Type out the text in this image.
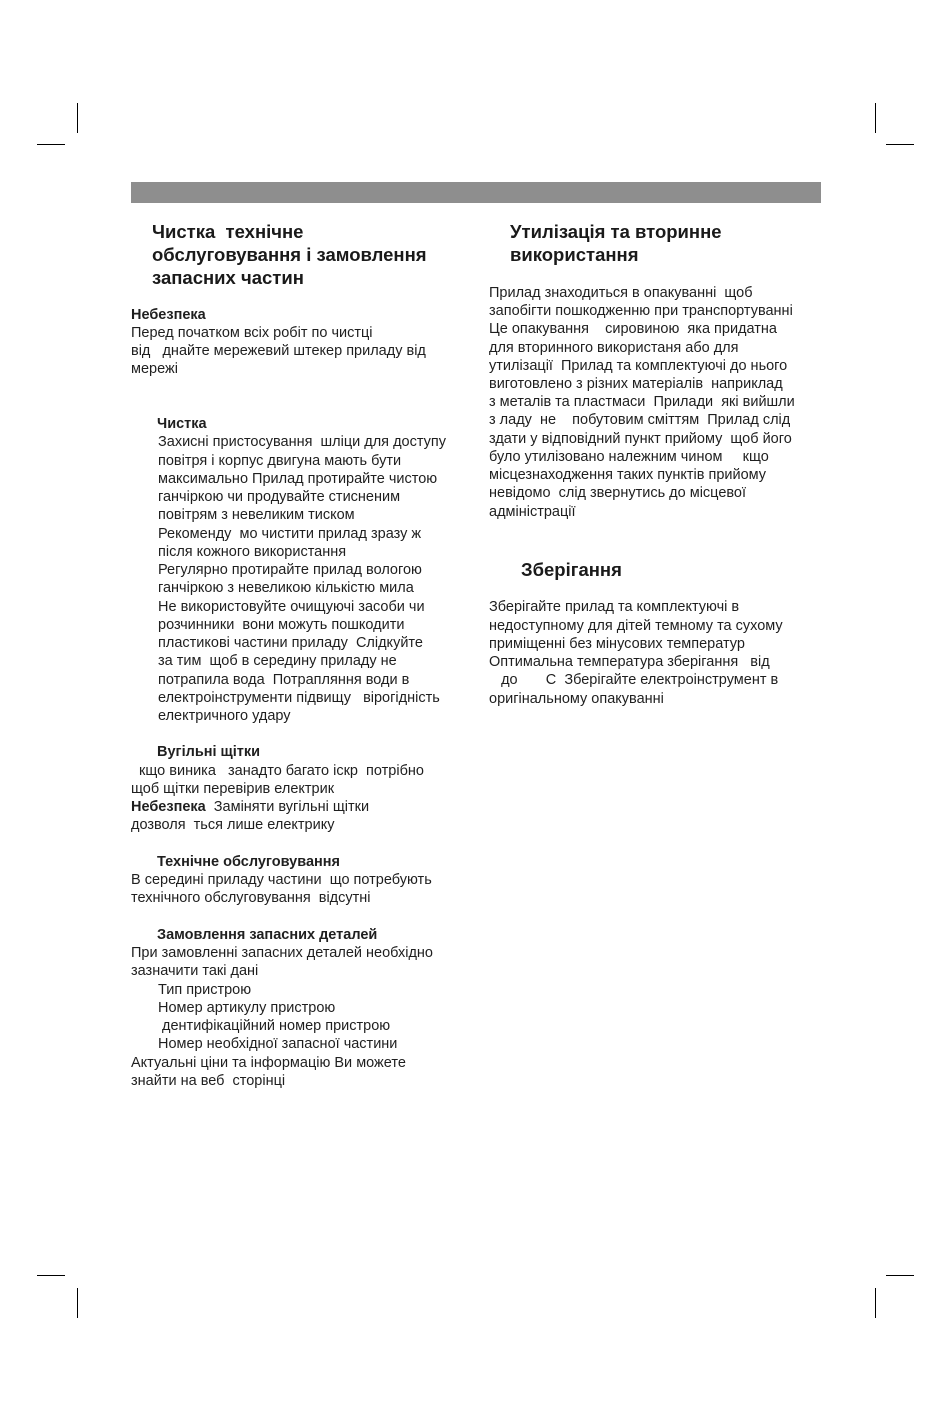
Чистка  технічне
обслуговування і замовлення
запасних частин
Небезпека
Перед початком всіх робіт по чистці
від   днайте мережевий штекер приладу від
мережі
Чистка
Захисні пристосування  шліци для доступу
повітря і корпус двигуна мають бути
максимально Прилад протирайте чистою
ганчіркою чи продувайте стисненим
повітрям з невеликим тиском
Рекоменду  мо чистити прилад зразу ж
після кожного використання
Регулярно протирайте прилад вологою
ганчіркою з невеликою кількістю мила
Не використовуйте очищуючі засоби чи
розчинники  вони можуть пошкодити
пластикові частини приладу  Слідкуйте
за тим  щоб в середину приладу не
потрапила вода  Потрапляння води в
електроінструменти підвищу   вірогідність
електричного удару
Вугільні щітки
кщо виника   занадто багато іскр  потрібно
щоб щітки перевірив електрик
Небезпека  Заміняти вугільні щітки
дозволя  ться лише електрику
Технічне обслуговування
В середині приладу частини  що потребують
технічного обслуговування  відсутні
Замовлення запасних деталей
При замовленні запасних деталей необхідно
зазначити такі дані
Тип пристрою
Номер артикулу пристрою
дентифікаційний номер пристрою
Номер необхідної запасної частини
Актуальні ціни та інформацію Ви можете
знайти на веб  сторінці
Утилізація та вторинне
використання
Прилад знаходиться в опакуванні  щоб
запобігти пошкодженню при транспортуванні
Це опакування    сировиною  яка придатна
для вторинного використаня або для
утилізації  Прилад та комплектуючі до нього
виготовлено з різних матеріалів  наприклад
з металів та пластмаси  Прилади  які вийшли
з ладу  не    побутовим сміттям  Прилад слід
здати у відповідний пункт прийому  щоб його
було утилізовано належним чином     кщо
місцезнаходження таких пунктів прийому
невідомо  слід звернутись до місцевої
адміністрації
Зберігання
Зберігайте прилад та комплектуючі в
недоступному для дітей темному та сухому
приміщенні без мінусових температур
Оптимальна температура зберігання   від
до       С  Зберігайте електроінструмент в
оригінальному опакуванні
